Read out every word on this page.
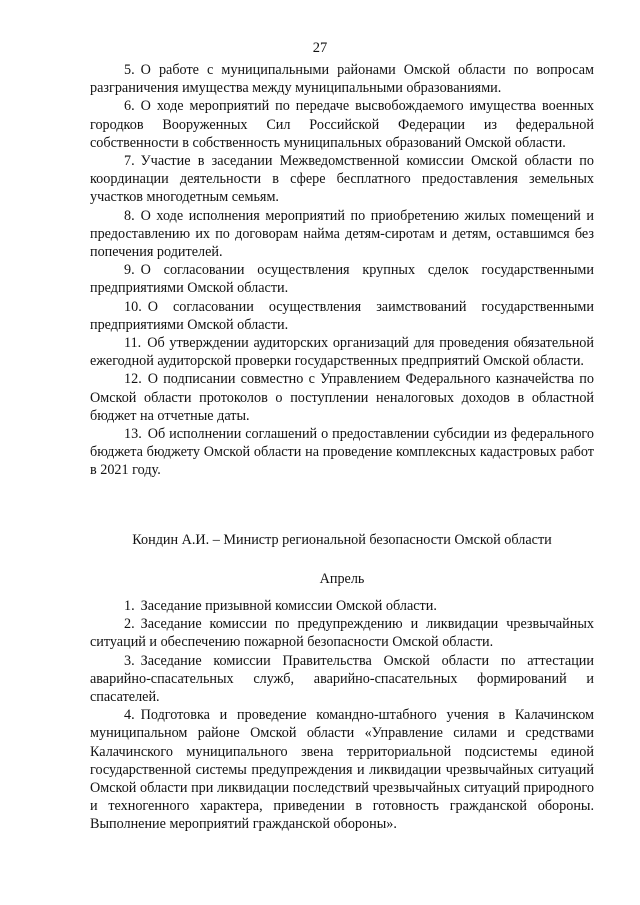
27

5. О работе с муниципальными районами Омской области по вопросам разграничения имущества между муниципальными образованиями.

6. О ходе мероприятий по передаче высвобождаемого имущества военных городков Вооруженных Сил Российской Федерации из федеральной собственности в собственность муниципальных образований Омской области.

7. Участие в заседании Межведомственной комиссии Омской области по координации деятельности в сфере бесплатного предоставления земельных участков многодетным семьям.

8. О ходе исполнения мероприятий по приобретению жилых помещений и предоставлению их по договорам найма детям-сиротам и детям, оставшимся без попечения родителей.

9. О согласовании осуществления крупных сделок государственными предприятиями Омской области.

10. О согласовании осуществления заимствований государственными предприятиями Омской области.

11. Об утверждении аудиторских организаций для проведения обязательной ежегодной аудиторской проверки государственных предприятий Омской области.

12. О подписании совместно с Управлением Федерального казначейства по Омской области протоколов о поступлении неналоговых доходов в областной бюджет на отчетные даты.

13. Об исполнении соглашений о предоставлении субсидии из федерального бюджета бюджету Омской области на проведение комплексных кадастровых работ в 2021 году.

Кондин А.И. – Министр региональной безопасности Омской области
Апрель

1. Заседание призывной комиссии Омской области.

2. Заседание комиссии по предупреждению и ликвидации чрезвычайных ситуаций и обеспечению пожарной безопасности Омской области.

3. Заседание комиссии Правительства Омской области по аттестации аварийно-спасательных служб, аварийно-спасательных формирований и спасателей.

4. Подготовка и проведение командно-штабного учения в Калачинском муниципальном районе Омской области «Управление силами и средствами Калачинского муниципального звена территориальной подсистемы единой государственной системы предупреждения и ликвидации чрезвычайных ситуаций Омской области при ликвидации последствий чрезвычайных ситуаций природного и техногенного характера, приведении в готовность гражданской обороны. Выполнение мероприятий гражданской обороны».
